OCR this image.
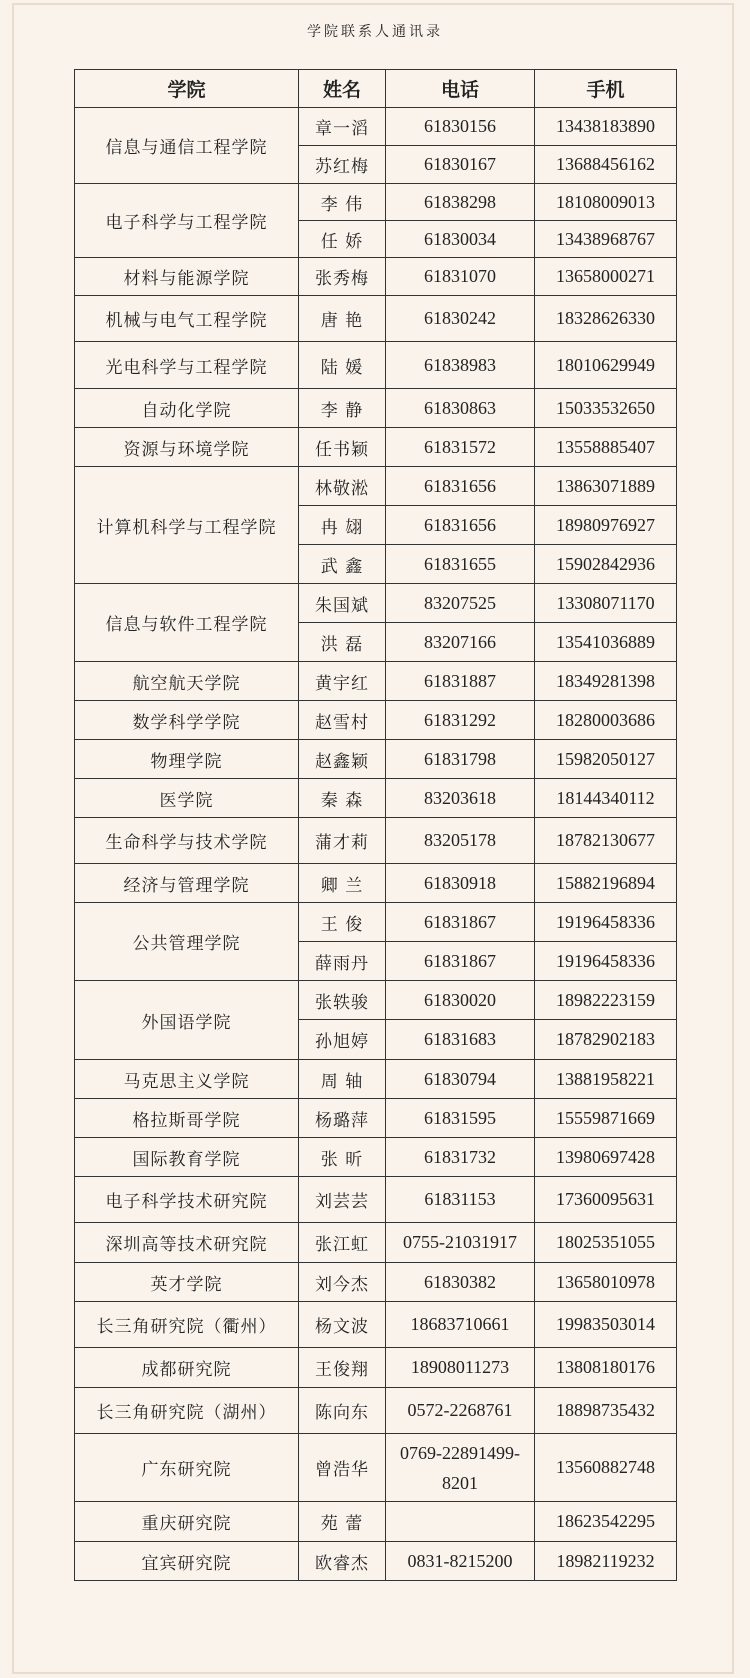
学院联系人通讯录
学院	姓名	电话	手机
信息与通信工程学院	章一滔	61830156	13438183890
	苏红梅	61830167	13688456162
电子科学与工程学院	李 伟	61838298	18108009013
	任 娇	61830034	13438968767
材料与能源学院	张秀梅	61831070	13658000271
机械与电气工程学院	唐 艳	61830242	18328626330
光电科学与工程学院	陆 媛	61838983	18010629949
自动化学院	李 静	61830863	15033532650
资源与环境学院	任书颖	61831572	13558885407
计算机科学与工程学院	林敬淞	61831656	13863071889
	冉 翃	61831656	18980976927
	武 鑫	61831655	15902842936
信息与软件工程学院	朱国斌	83207525	13308071170
	洪 磊	83207166	13541036889
航空航天学院	黄宇红	61831887	18349281398
数学科学学院	赵雪村	61831292	18280003686
物理学院	赵鑫颖	61831798	15982050127
医学院	秦 森	83203618	18144340112
生命科学与技术学院	蒲才莉	83205178	18782130677
经济与管理学院	卿 兰	61830918	15882196894
公共管理学院	王 俊	61831867	19196458336
	薛雨丹	61831867	19196458336
外国语学院	张轶骏	61830020	18982223159
	孙旭婷	61831683	18782902183
马克思主义学院	周 轴	61830794	13881958221
格拉斯哥学院	杨璐萍	61831595	15559871669
国际教育学院	张 昕	61831732	13980697428
电子科学技术研究院	刘芸芸	61831153	17360095631
深圳高等技术研究院	张江虹	0755-21031917	18025351055
英才学院	刘今杰	61830382	13658010978
长三角研究院（衢州）	杨文波	18683710661	19983503014
成都研究院	王俊翔	18908011273	13808180176
长三角研究院（湖州）	陈向东	0572-2268761	18898735432
广东研究院	曾浩华	0769-22891499-8201	13560882748
重庆研究院	苑 蕾		18623542295
宜宾研究院	欧睿杰	0831-8215200	18982119232
